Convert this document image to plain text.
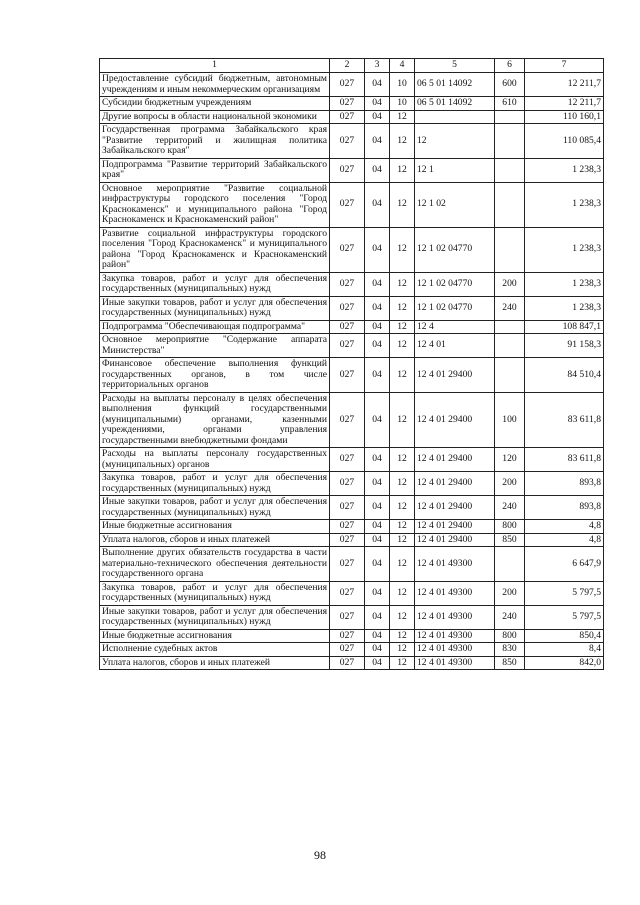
1	2	3	4	5	6	7
Предоставление субсидий бюджетным, автономным учреждениям и иным некоммерческим организациям	027	04	10	06 5 01 14092	600	12 211,7
Субсидии бюджетным учреждениям	027	04	10	06 5 01 14092	610	12 211,7
Другие вопросы в области национальной экономики	027	04	12			110 160,1
Государственная программа Забайкальского края "Развитие территорий и жилищная политика Забайкальского края"	027	04	12	12		110 085,4
Подпрограмма "Развитие территорий Забайкальского края"	027	04	12	12 1		1 238,3
Основное мероприятие "Развитие социальной инфраструктуры городского поселения "Город Краснокаменск" и муниципального района "Город Краснокаменск и Краснокаменский район"	027	04	12	12 1 02		1 238,3
Развитие социальной инфраструктуры городского поселения "Город Краснокаменск" и муниципального района "Город Краснокаменск и Краснокаменский район"	027	04	12	12 1 02 04770		1 238,3
Закупка товаров, работ и услуг для обеспечения государственных (муниципальных) нужд	027	04	12	12 1 02 04770	200	1 238,3
Иные закупки товаров, работ и услуг для обеспечения государственных (муниципальных) нужд	027	04	12	12 1 02 04770	240	1 238,3
Подпрограмма "Обеспечивающая подпрограмма"	027	04	12	12 4		108 847,1
Основное мероприятие "Содержание аппарата Министерства"	027	04	12	12 4 01		91 158,3
Финансовое обеспечение выполнения функций государственных органов, в том числе территориальных органов	027	04	12	12 4 01 29400		84 510,4
Расходы на выплаты персоналу в целях обеспечения выполнения функций государственными (муниципальными) органами, казенными учреждениями, органами управления государственными внебюджетными фондами	027	04	12	12 4 01 29400	100	83 611,8
Расходы на выплаты персоналу государственных (муниципальных) органов	027	04	12	12 4 01 29400	120	83 611,8
Закупка товаров, работ и услуг для обеспечения государственных (муниципальных) нужд	027	04	12	12 4 01 29400	200	893,8
Иные закупки товаров, работ и услуг для обеспечения государственных (муниципальных) нужд	027	04	12	12 4 01 29400	240	893,8
Иные бюджетные ассигнования	027	04	12	12 4 01 29400	800	4,8
Уплата налогов, сборов и иных платежей	027	04	12	12 4 01 29400	850	4,8
Выполнение других обязательств государства в части материально-технического обеспечения деятельности государственного органа	027	04	12	12 4 01 49300		6 647,9
Закупка товаров, работ и услуг для обеспечения государственных (муниципальных) нужд	027	04	12	12 4 01 49300	200	5 797,5
Иные закупки товаров, работ и услуг для обеспечения государственных (муниципальных) нужд	027	04	12	12 4 01 49300	240	5 797,5
Иные бюджетные ассигнования	027	04	12	12 4 01 49300	800	850,4
Исполнение судебных актов	027	04	12	12 4 01 49300	830	8,4
Уплата налогов, сборов и иных платежей	027	04	12	12 4 01 49300	850	842,0
98
